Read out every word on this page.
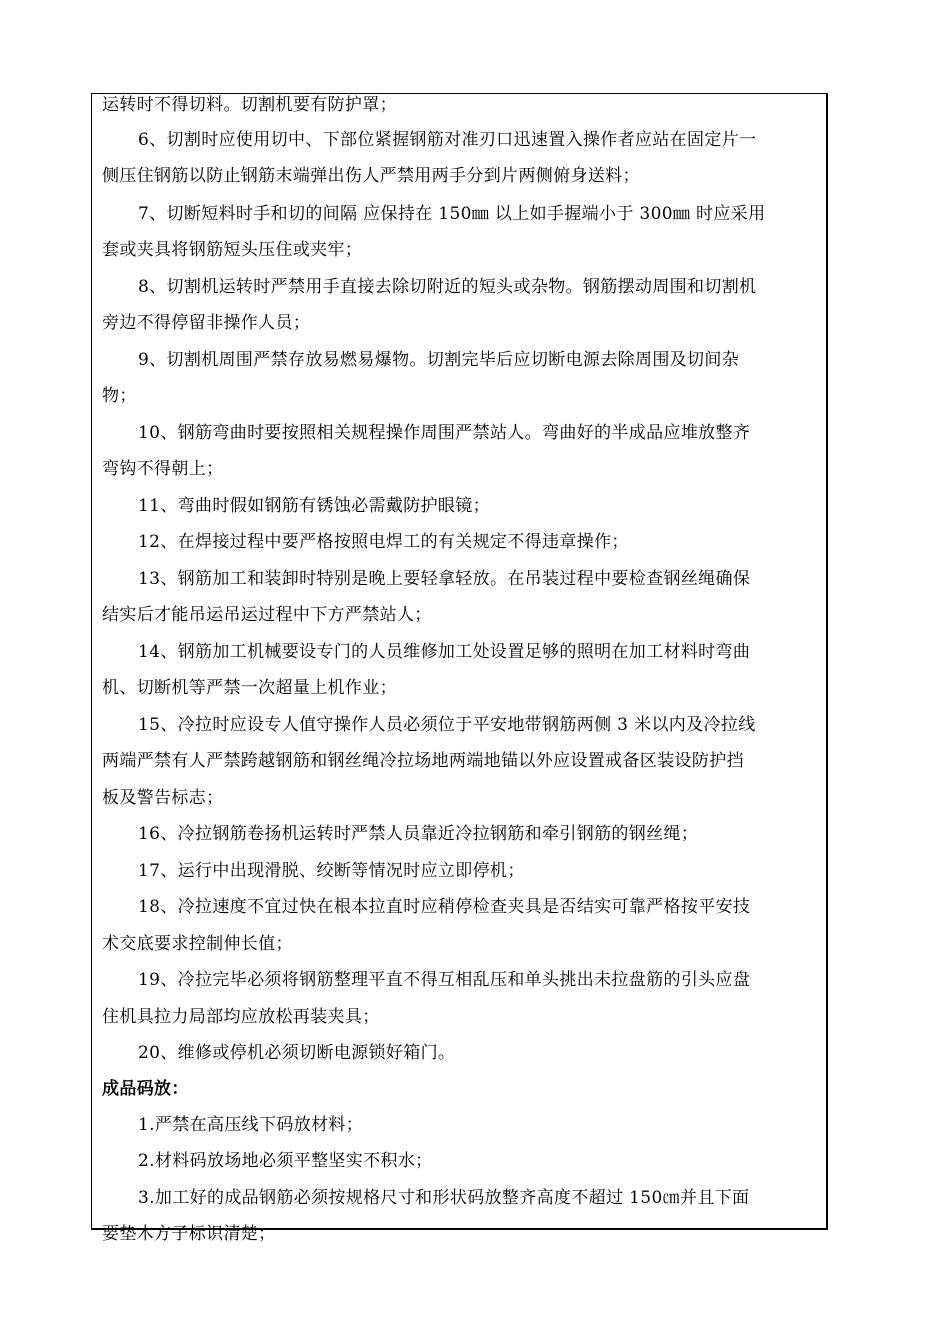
运转时不得切料。切割机要有防护罩；
6、切割时应使用切中、下部位紧握钢筋对准刃口迅速置入操作者应站在固定片一
侧压住钢筋以防止钢筋末端弹出伤人严禁用两手分到片两侧俯身送料；
7、切断短料时手和切的间隔 应保持在 150㎜ 以上如手握端小于 300㎜ 时应采用
套或夹具将钢筋短头压住或夹牢；
8、切割机运转时严禁用手直接去除切附近的短头或杂物。钢筋摆动周围和切割机
旁边不得停留非操作人员；
9、切割机周围严禁存放易燃易爆物。切割完毕后应切断电源去除周围及切间杂
物；
10、钢筋弯曲时要按照相关规程操作周围严禁站人。弯曲好的半成品应堆放整齐
弯钩不得朝上；
11、弯曲时假如钢筋有锈蚀必需戴防护眼镜；
12、在焊接过程中要严格按照电焊工的有关规定不得违章操作；
13、钢筋加工和装卸时特别是晚上要轻拿轻放。在吊装过程中要检查钢丝绳确保
结实后才能吊运吊运过程中下方严禁站人；
14、钢筋加工机械要设专门的人员维修加工处设置足够的照明在加工材料时弯曲
机、切断机等严禁一次超量上机作业；
15、冷拉时应设专人值守操作人员必须位于平安地带钢筋两侧 3 米以内及冷拉线
两端严禁有人严禁跨越钢筋和钢丝绳冷拉场地两端地锚以外应设置戒备区装设防护挡
板及警告标志；
16、冷拉钢筋卷扬机运转时严禁人员靠近冷拉钢筋和牵引钢筋的钢丝绳；
17、运行中出现滑脱、绞断等情况时应立即停机；
18、冷拉速度不宜过快在根本拉直时应稍停检查夹具是否结实可靠严格按平安技
术交底要求控制伸长值；
19、冷拉完毕必须将钢筋整理平直不得互相乱压和单头挑出未拉盘筋的引头应盘
住机具拉力局部均应放松再装夹具；
20、维修或停机必须切断电源锁好箱门。
成品码放：
1.严禁在高压线下码放材料；
2.材料码放场地必须平整坚实不积水；
3.加工好的成品钢筋必须按规格尺寸和形状码放整齐高度不超过 150㎝并且下面
要垫木方子标识清楚；
